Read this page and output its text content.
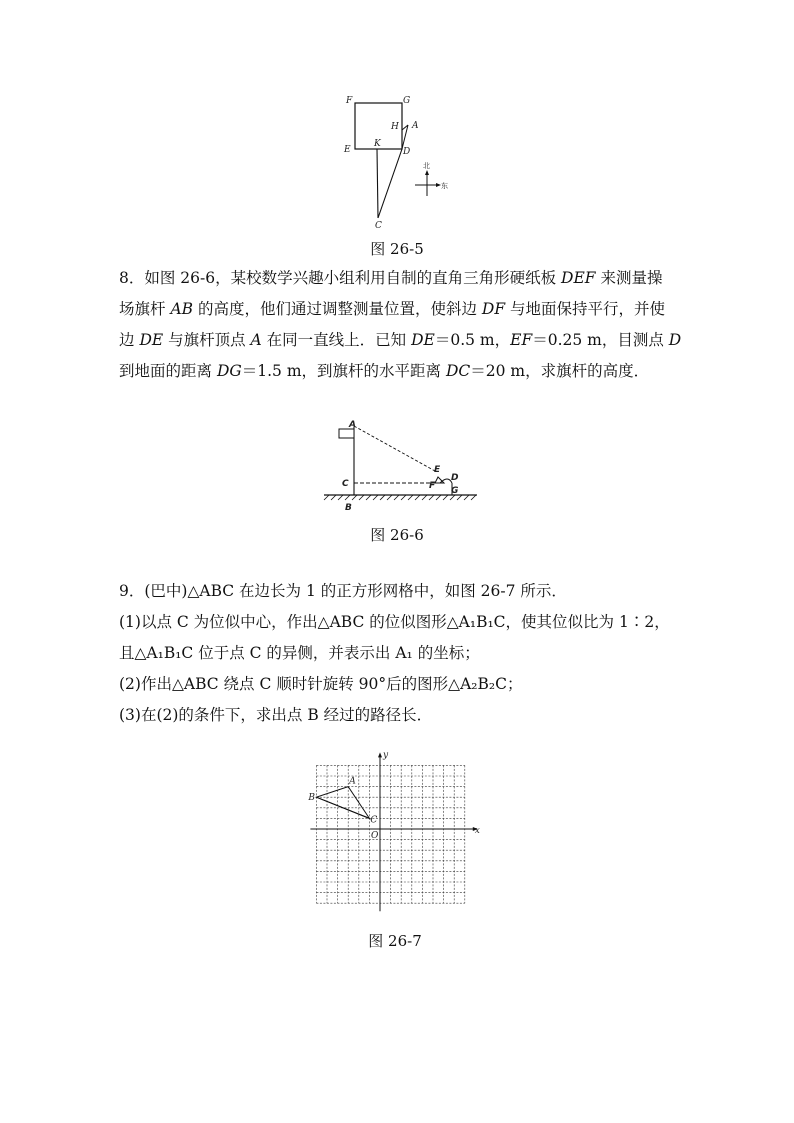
F	G
H A
E
K
D
C
北
东
图 26-5
8．如图 26-6，某校数学兴趣小组利用自制的直角三角形硬纸板 DEF 来测量操
场旗杆 AB 的高度，他们通过调整测量位置，使斜边 DF 与地面保持平行，并使
边 DE 与旗杆顶点 A 在同一直线上．已知 DE＝0.5 m，EF＝0.25 m，目测点 D
到地面的距离 DG＝1.5 m，到旗杆的水平距离 DC＝20 m，求旗杆的高度．
A
C
B
E
F
D
G
图 26-6
9．(巴中)△ABC 在边长为 1 的正方形网格中，如图 26-7 所示．
(1)以点 C 为位似中心，作出△ABC 的位似图形△A₁B₁C，使其位似比为 1∶2，
且△A₁B₁C 位于点 C 的异侧，并表示出 A₁ 的坐标；
(2)作出△ABC 绕点 C 顺时针旋转 90°后的图形△A₂B₂C；
(3)在(2)的条件下，求出点 B 经过的路径长．
A
B
C
O	x
y
图 26-7
